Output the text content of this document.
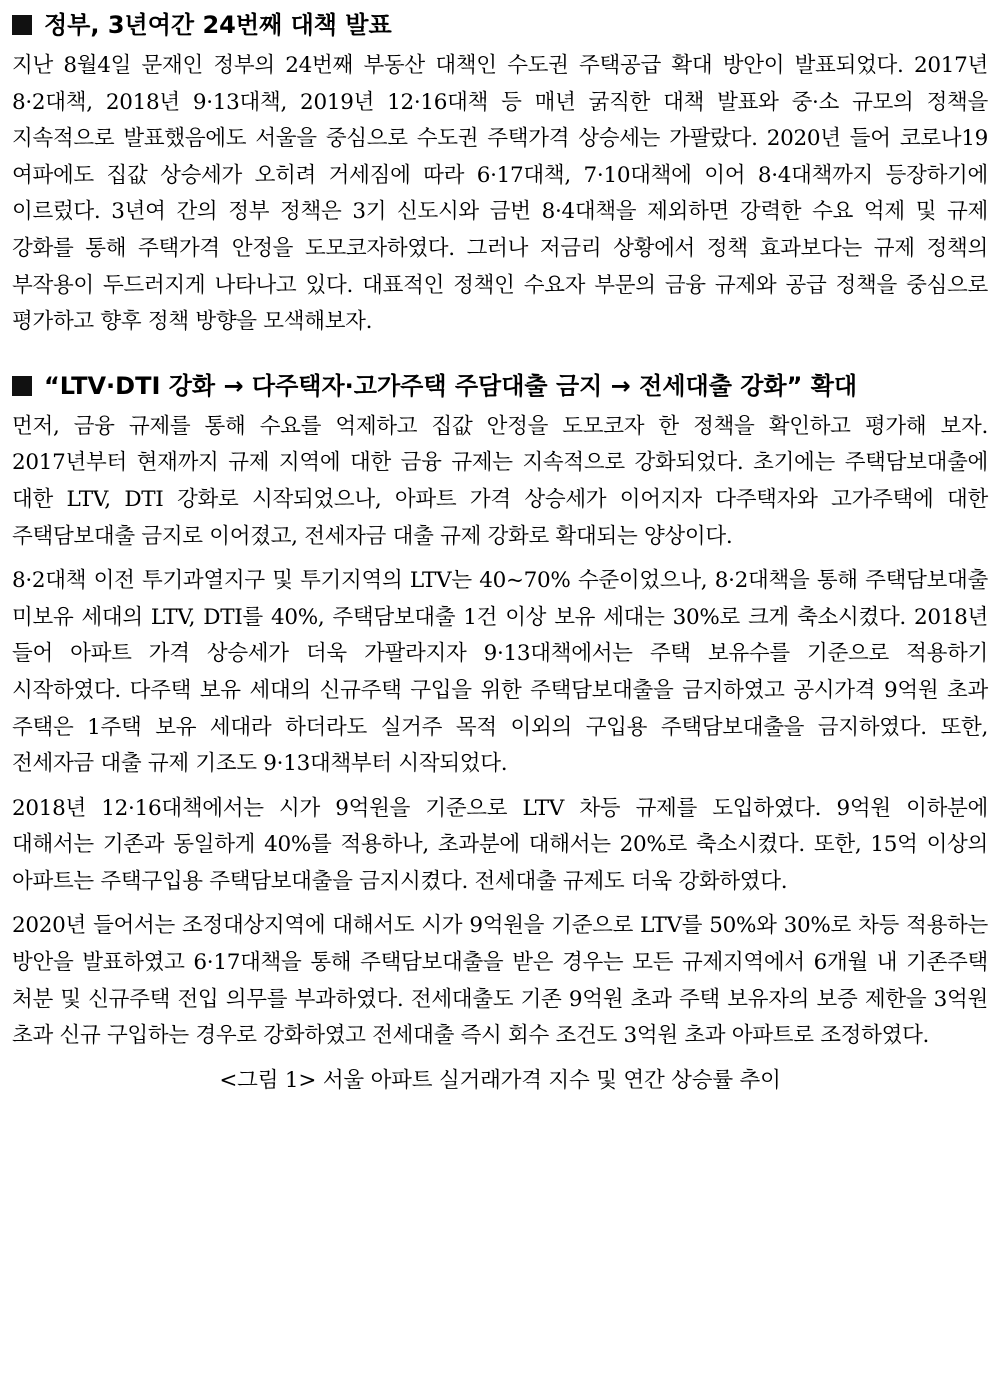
정부, 3년여간 24번째 대책 발표

지난 8월4일 문재인 정부의 24번째 부동산 대책인 수도권 주택공급 확대 방안이 발표되었다. 2017년 8·2대책, 2018년 9·13대책, 2019년 12·16대책 등 매년 굵직한 대책 발표와 중·소 규모의 정책을 지속적으로 발표했음에도 서울을 중심으로 수도권 주택가격 상승세는 가팔랐다. 2020년 들어 코로나19 여파에도 집값 상승세가 오히려 거세짐에 따라 6·17대책, 7·10대책에 이어 8·4대책까지 등장하기에 이르렀다. 3년여 간의 정부 정책은 3기 신도시와 금번 8·4대책을 제외하면 강력한 수요 억제 및 규제 강화를 통해 주택가격 안정을 도모코자하였다. 그러나 저금리 상황에서 정책 효과보다는 규제 정책의 부작용이 두드러지게 나타나고 있다. 대표적인 정책인 수요자 부문의 금융 규제와 공급 정책을 중심으로 평가하고 향후 정책 방향을 모색해보자.

“LTV·DTI 강화 → 다주택자·고가주택 주담대출 금지 → 전세대출 강화” 확대

먼저, 금융 규제를 통해 수요를 억제하고 집값 안정을 도모코자 한 정책을 확인하고 평가해 보자. 2017년부터 현재까지 규제 지역에 대한 금융 규제는 지속적으로 강화되었다. 초기에는 주택담보대출에 대한 LTV, DTI 강화로 시작되었으나, 아파트 가격 상승세가 이어지자 다주택자와 고가주택에 대한 주택담보대출 금지로 이어졌고, 전세자금 대출 규제 강화로 확대되는 양상이다.

8·2대책 이전 투기과열지구 및 투기지역의 LTV는 40~70% 수준이었으나, 8·2대책을 통해 주택담보대출 미보유 세대의 LTV, DTI를 40%, 주택담보대출 1건 이상 보유 세대는 30%로 크게 축소시켰다. 2018년 들어 아파트 가격 상승세가 더욱 가팔라지자 9·13대책에서는 주택 보유수를 기준으로 적용하기 시작하였다. 다주택 보유 세대의 신규주택 구입을 위한 주택담보대출을 금지하였고 공시가격 9억원 초과 주택은 1주택 보유 세대라 하더라도 실거주 목적 이외의 구입용 주택담보대출을 금지하였다. 또한, 전세자금 대출 규제 기조도 9·13대책부터 시작되었다.

2018년 12·16대책에서는 시가 9억원을 기준으로 LTV 차등 규제를 도입하였다. 9억원 이하분에 대해서는 기존과 동일하게 40%를 적용하나, 초과분에 대해서는 20%로 축소시켰다. 또한, 15억 이상의 아파트는 주택구입용 주택담보대출을 금지시켰다. 전세대출 규제도 더욱 강화하였다.

2020년 들어서는 조정대상지역에 대해서도 시가 9억원을 기준으로 LTV를 50%와 30%로 차등 적용하는 방안을 발표하였고 6·17대책을 통해 주택담보대출을 받은 경우는 모든 규제지역에서 6개월 내 기존주택 처분 및 신규주택 전입 의무를 부과하였다. 전세대출도 기존 9억원 초과 주택 보유자의 보증 제한을 3억원 초과 신규 구입하는 경우로 강화하였고 전세대출 즉시 회수 조건도 3억원 초과 아파트로 조정하였다.

<그림 1> 서울 아파트 실거래가격 지수 및 연간 상승률 추이
